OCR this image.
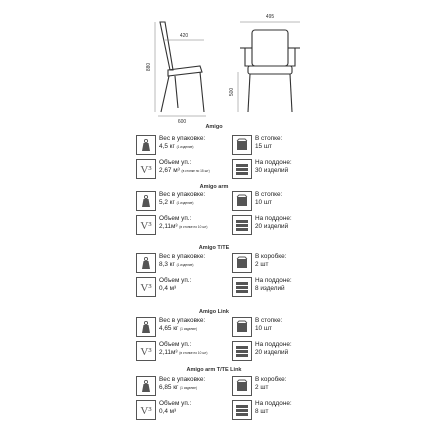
420
880
600
495
500
Amigo
Вес в упаковке:
4,5 кг (1 изделие)
В стопке:
15 шт
V³
Объем уп.:
2,67 м³ (в стопке по 15 шт)
На поддоне:
30 изделий
Amigo arm
Вес в упаковке:
5,2 кг (1 изделие)
В стопке:
10 шт
V³
Объем уп.:
2,11м³ (в стопке по 10 шт)
На поддоне:
20 изделий
Amigo T/TE
Вес в упаковке:
8,3 кг (1 изделие)
В коробке:
2 шт
V³
Объем уп.:
0,4 м³
На поддоне:
8 изделий
Amigo Link
Вес в упаковке:
4,65 кг (1 изделие)
В стопке:
10 шт
V³
Объем уп.:
2,11м³ (в стопке по 10 шт)
На поддоне:
20 изделий
Amigo arm T/TE Link
Вес в упаковке:
6,85 кг (1 изделие)
В коробке:
2 шт
V³
Объем уп.:
0,4 м³
На поддоне:
8 шт
